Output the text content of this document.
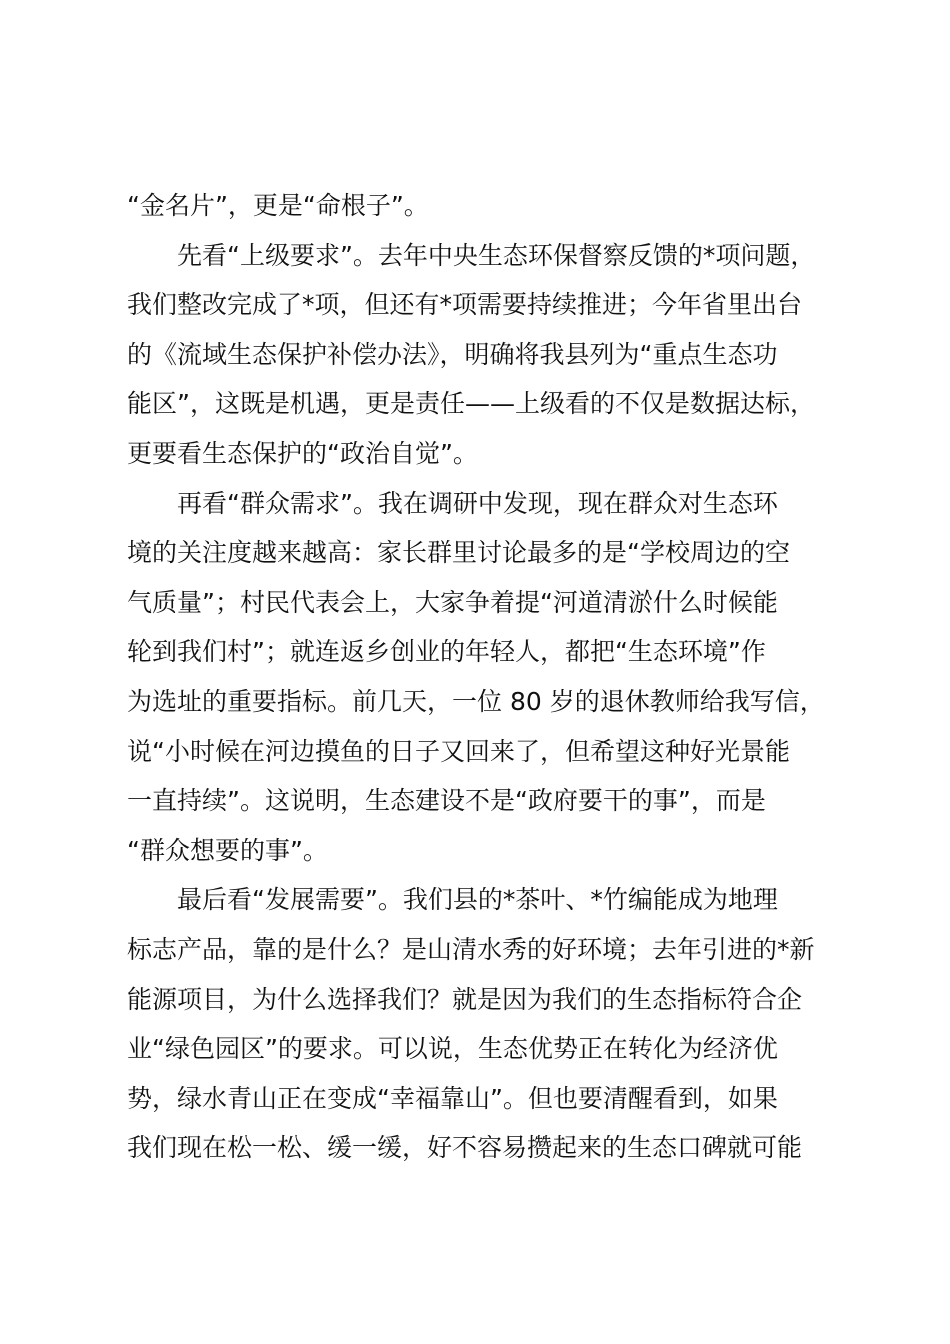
“金名片”，更是“命根子”。
先看“上级要求”。去年中央生态环保督察反馈的*项问题，
我们整改完成了*项，但还有*项需要持续推进；今年省里出台
的《流域生态保护补偿办法》，明确将我县列为“重点生态功
能区”，这既是机遇，更是责任——上级看的不仅是数据达标，
更要看生态保护的“政治自觉”。
再看“群众需求”。我在调研中发现，现在群众对生态环
境的关注度越来越高：家长群里讨论最多的是“学校周边的空
气质量”；村民代表会上，大家争着提“河道清淤什么时候能
轮到我们村”；就连返乡创业的年轻人，都把“生态环境”作
为选址的重要指标。前几天，一位 80 岁的退休教师给我写信，
说“小时候在河边摸鱼的日子又回来了，但希望这种好光景能
一直持续”。这说明，生态建设不是“政府要干的事”，而是
“群众想要的事”。
最后看“发展需要”。我们县的*茶叶、*竹编能成为地理
标志产品，靠的是什么？是山清水秀的好环境；去年引进的*新
能源项目，为什么选择我们？就是因为我们的生态指标符合企
业“绿色园区”的要求。可以说，生态优势正在转化为经济优
势，绿水青山正在变成“幸福靠山”。但也要清醒看到，如果
我们现在松一松、缓一缓，好不容易攒起来的生态口碑就可能
